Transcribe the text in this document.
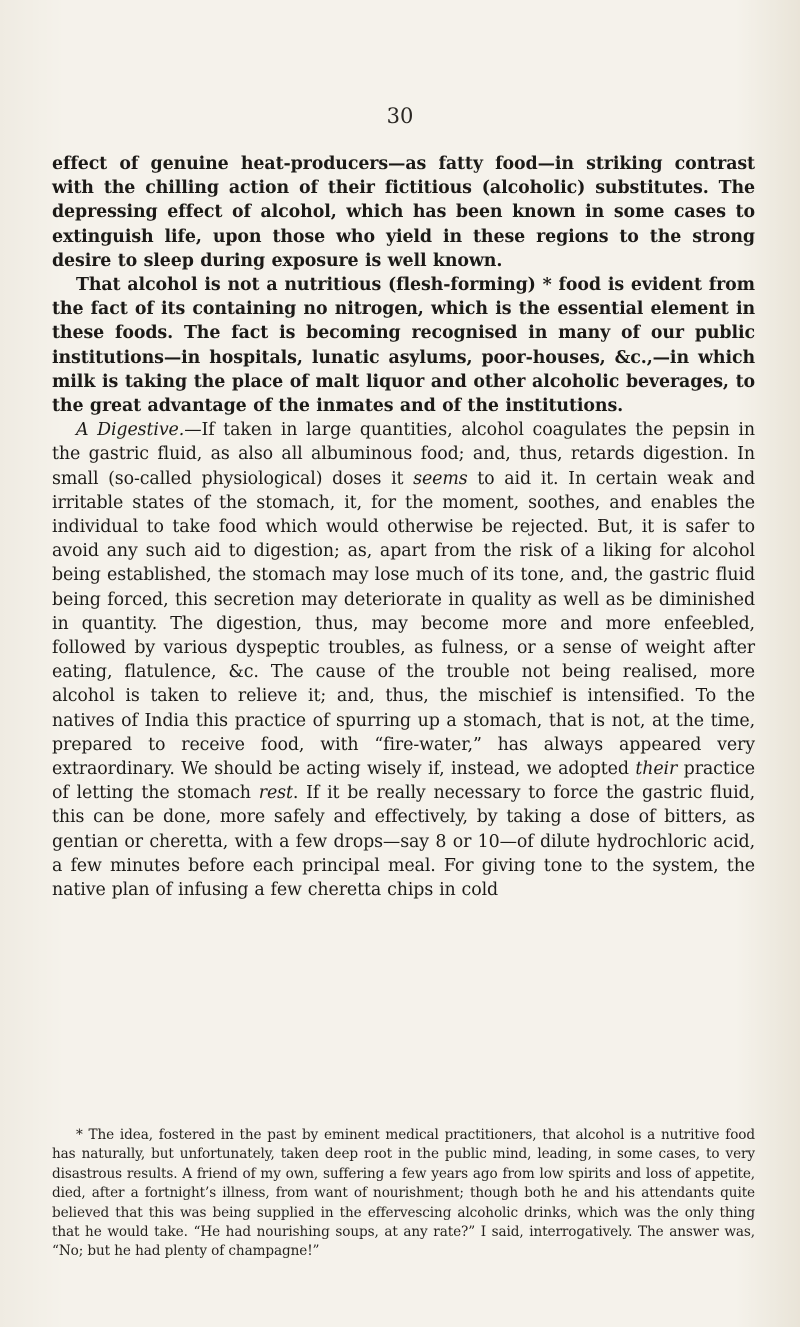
30

effect of genuine heat-producers—as fatty food—in striking contrast with the chilling action of their fictitious (alcoholic) substitutes. The depressing effect of alcohol, which has been known in some cases to extinguish life, upon those who yield in these regions to the strong desire to sleep during exposure is well known.

That alcohol is not a nutritious (flesh-forming) * food is evident from the fact of its containing no nitrogen, which is the essential element in these foods. The fact is becoming recognised in many of our public institutions—in hospitals, lunatic asylums, poor-houses, &c.,—in which milk is taking the place of malt liquor and other alcoholic beverages, to the great advantage of the inmates and of the institutions.

A Digestive.—If taken in large quantities, alcohol coagulates the pepsin in the gastric fluid, as also all albuminous food; and, thus, retards digestion. In small (so-called physiological) doses it seems to aid it. In certain weak and irritable states of the stomach, it, for the moment, soothes, and enables the individual to take food which would otherwise be rejected. But, it is safer to avoid any such aid to digestion; as, apart from the risk of a liking for alcohol being established, the stomach may lose much of its tone, and, the gastric fluid being forced, this secretion may deteriorate in quality as well as be diminished in quantity. The digestion, thus, may become more and more enfeebled, followed by various dyspeptic troubles, as fulness, or a sense of weight after eating, flatulence, &c. The cause of the trouble not being realised, more alcohol is taken to relieve it; and, thus, the mischief is intensified. To the natives of India this practice of spurring up a stomach, that is not, at the time, prepared to receive food, with “fire-water,” has always appeared very extraordinary. We should be acting wisely if, instead, we adopted their practice of letting the stomach rest. If it be really necessary to force the gastric fluid, this can be done, more safely and effectively, by taking a dose of bitters, as gentian or cheretta, with a few drops—say 8 or 10—of dilute hydrochloric acid, a few minutes before each principal meal. For giving tone to the system, the native plan of infusing a few cheretta chips in cold

* The idea, fostered in the past by eminent medical practitioners, that alcohol is a nutritive food has naturally, but unfortunately, taken deep root in the public mind, leading, in some cases, to very disastrous results. A friend of my own, suffering a few years ago from low spirits and loss of appetite, died, after a fortnight’s illness, from want of nourishment; though both he and his attendants quite believed that this was being supplied in the effervescing alcoholic drinks, which was the only thing that he would take. “He had nourishing soups, at any rate?” I said, interrogatively. The answer was, “No; but he had plenty of champagne!”
